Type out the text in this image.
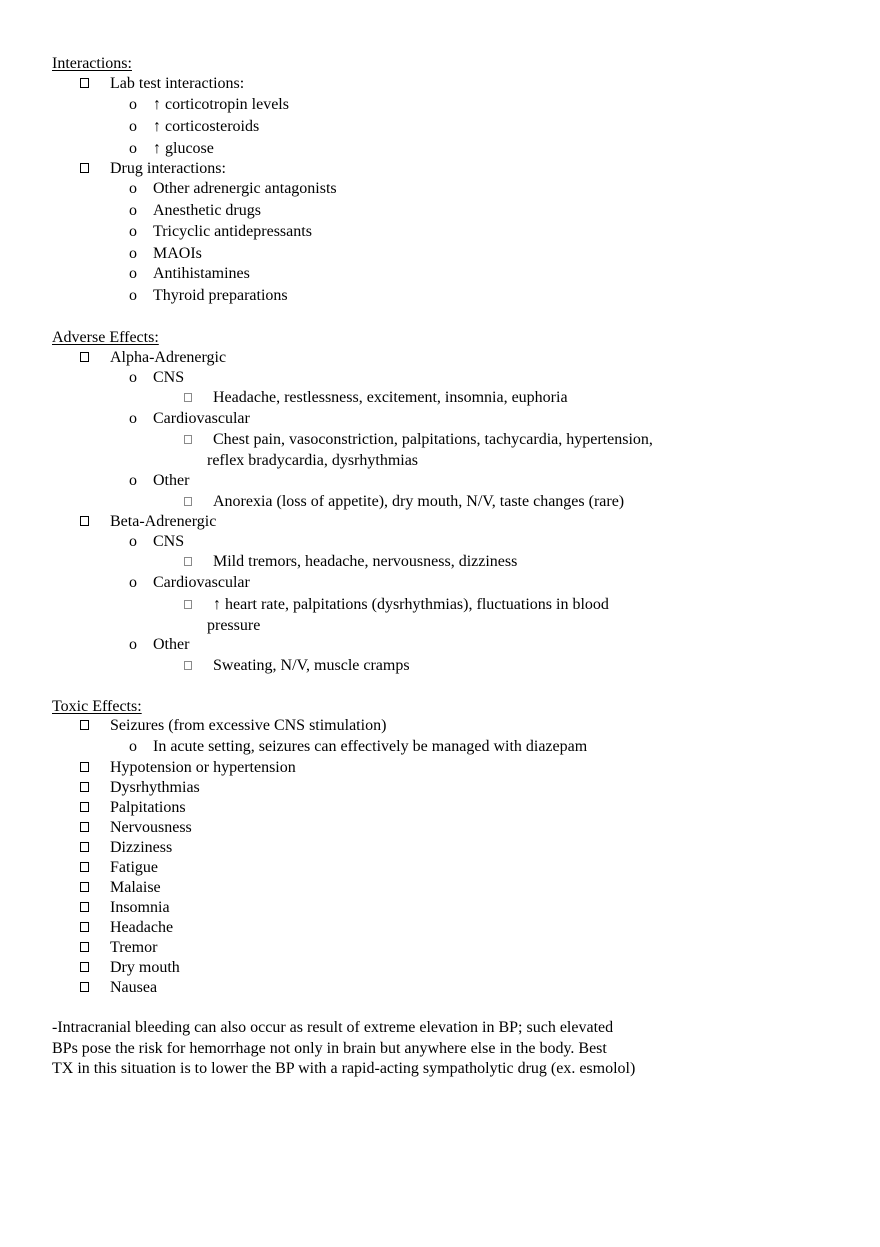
Interactions:
Lab test interactions:
o ↑ corticotropin levels
o ↑ corticosteroids
o ↑ glucose
Drug interactions:
o Other adrenergic antagonists
o Anesthetic drugs
o Tricyclic antidepressants
o MAOIs
o Antihistamines
o Thyroid preparations
Adverse Effects:
Alpha-Adrenergic
o CNS
Headache, restlessness, excitement, insomnia, euphoria
o Cardiovascular
Chest pain, vasoconstriction, palpitations, tachycardia, hypertension,
reflex bradycardia, dysrhythmias
o Other
Anorexia (loss of appetite), dry mouth, N/V, taste changes (rare)
Beta-Adrenergic
o CNS
Mild tremors, headache, nervousness, dizziness
o Cardiovascular
↑ heart rate, palpitations (dysrhythmias), fluctuations in blood
pressure
o Other
Sweating, N/V, muscle cramps
Toxic Effects:
Seizures (from excessive CNS stimulation)
o In acute setting, seizures can effectively be managed with diazepam
Hypotension or hypertension
Dysrhythmias
Palpitations
Nervousness
Dizziness
Fatigue
Malaise
Insomnia
Headache
Tremor
Dry mouth
Nausea
-Intracranial bleeding can also occur as result of extreme elevation in BP; such elevated
BPs pose the risk for hemorrhage not only in brain but anywhere else in the body. Best
TX in this situation is to lower the BP with a rapid-acting sympatholytic drug (ex. esmolol)
